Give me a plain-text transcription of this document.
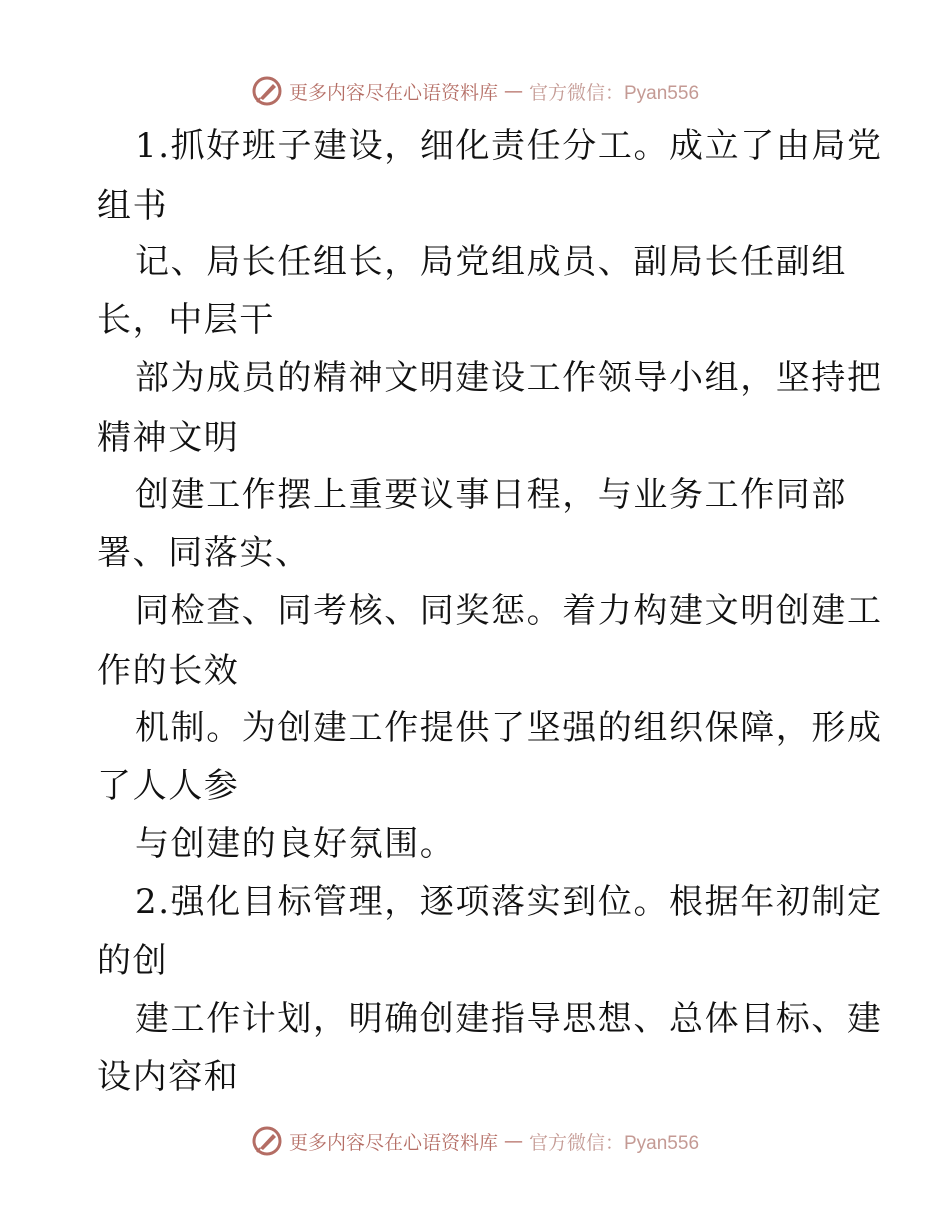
更多内容尽在心语资料库 — 官方微信：Pyan556
1.抓好班子建设，细化责任分工。成立了由局党
组书
记、局长任组长，局党组成员、副局长任副组
长，中层干
部为成员的精神文明建设工作领导小组，坚持把
精神文明
创建工作摆上重要议事日程，与业务工作同部
署、同落实、
同检查、同考核、同奖惩。着力构建文明创建工
作的长效
机制。为创建工作提供了坚强的组织保障，形成
了人人参
与创建的良好氛围。
2.强化目标管理，逐项落实到位。根据年初制定
的创
建工作计划，明确创建指导思想、总体目标、建
设内容和
更多内容尽在心语资料库 — 官方微信：Pyan556
